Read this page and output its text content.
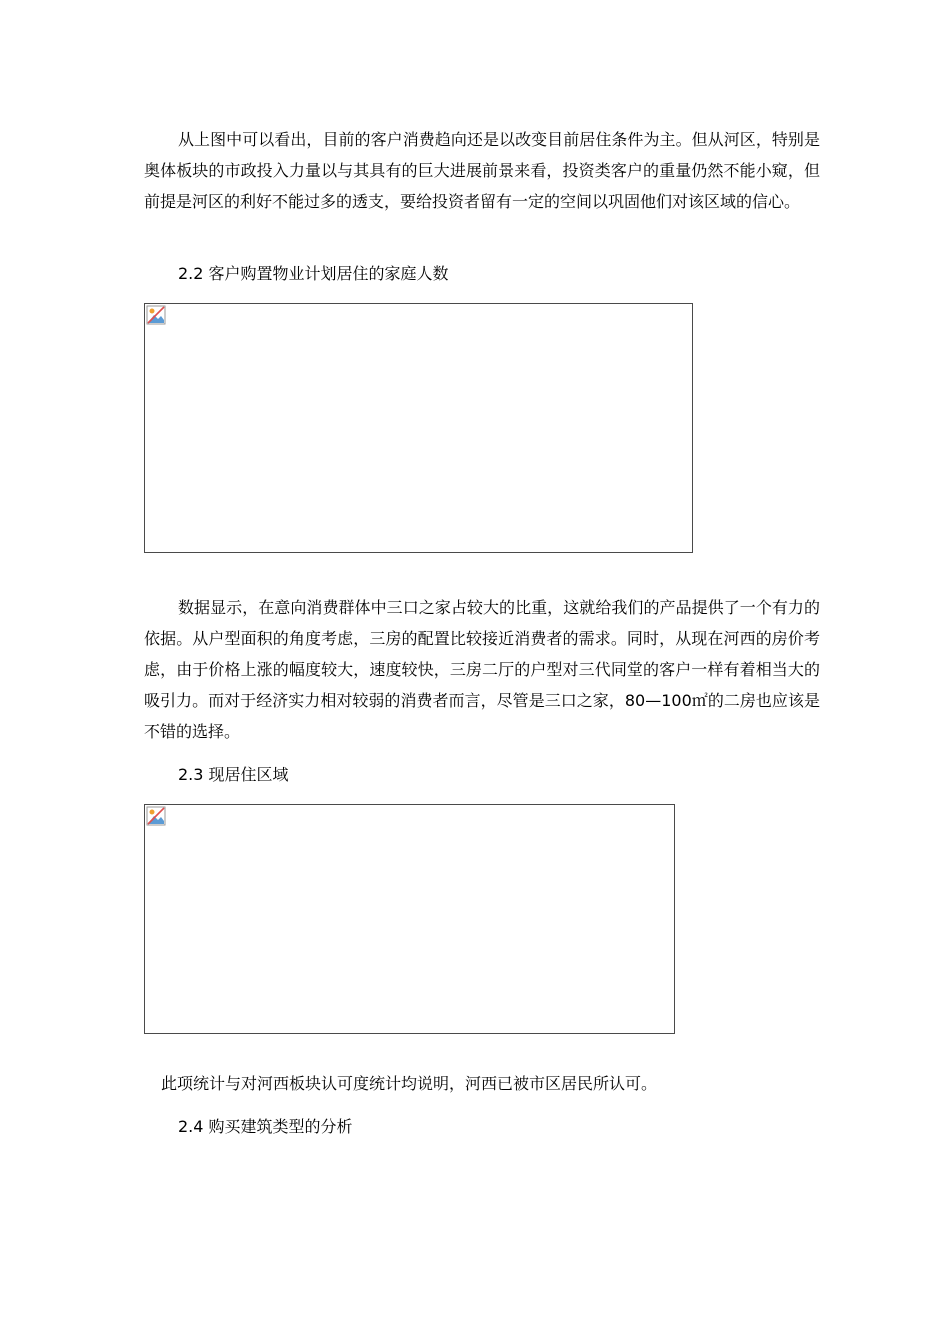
从上图中可以看出，目前的客户消费趋向还是以改变目前居住条件为主。但从河区，特别是奥体板块的市政投入力量以与其具有的巨大进展前景来看，投资类客户的重量仍然不能小窥，但前提是河区的利好不能过多的透支，要给投资者留有一定的空间以巩固他们对该区域的信心。

2.2 客户购置物业计划居住的家庭人数

数据显示，在意向消费群体中三口之家占较大的比重，这就给我们的产品提供了一个有力的依据。从户型面积的角度考虑，三房的配置比较接近消费者的需求。同时，从现在河西的房价考虑，由于价格上涨的幅度较大，速度较快，三房二厅的户型对三代同堂的客户一样有着相当大的吸引力。而对于经济实力相对较弱的消费者而言，尽管是三口之家，80—100㎡的二房也应该是不错的选择。

2.3 现居住区域

此项统计与对河西板块认可度统计均说明，河西已被市区居民所认可。

2.4 购买建筑类型的分析
